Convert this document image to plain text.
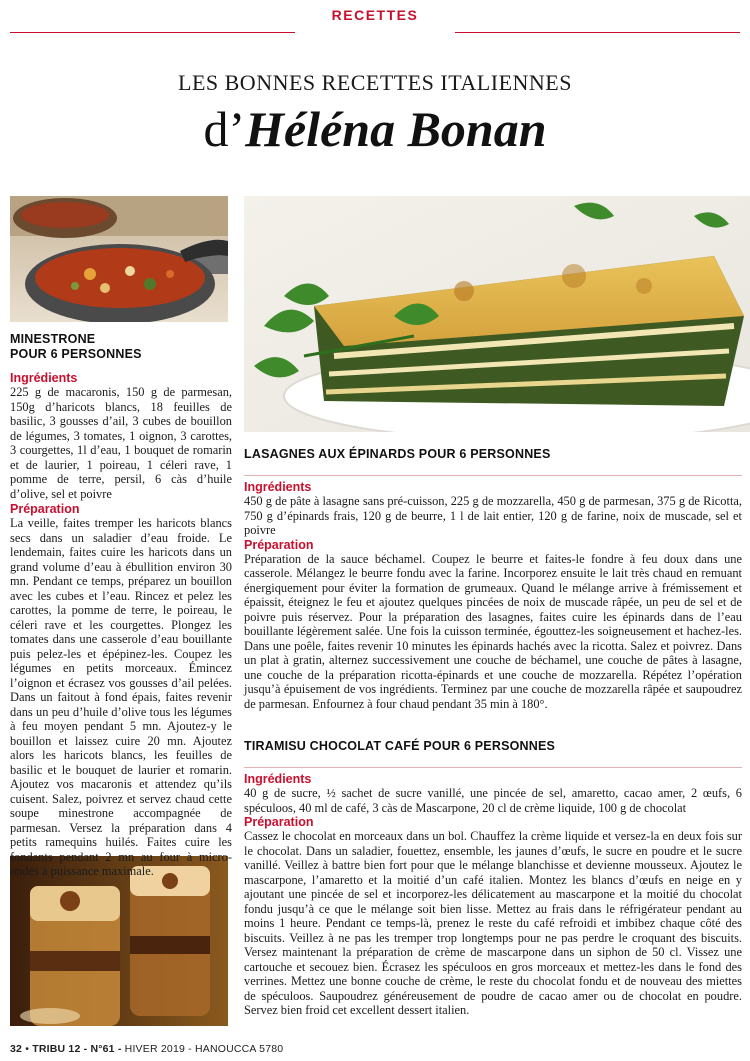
RECETTES
LES BONNES RECETTES ITALIENNES
d’Héléna Bonan
MINESTRONE
POUR 6 PERSONNES
Ingrédients

225 g de macaronis, 150 g de parmesan, 150g d’haricots blancs, 18 feuilles de basilic, 3 gousses d’ail, 3 cubes de bouillon de légumes, 3 tomates, 1 oignon, 3 carottes, 3 courgettes, 1l d’eau, 1 bouquet de romarin et de laurier, 1 poireau, 1 céleri rave, 1 pomme de terre, persil, 6 càs d’huile d’olive, sel et poivre

Préparation

La veille, faites tremper les haricots blancs secs dans un saladier d’eau froide. Le lendemain, faites cuire les haricots dans un grand volume d’eau à ébullition environ 30 mn. Pendant ce temps, préparez un bouillon avec les cubes et l’eau. Rincez et pelez les carottes, la pomme de terre, le poireau, le céleri rave et les courgettes. Plongez les tomates dans une casserole d’eau bouillante puis pelez-les et épépinez-les. Coupez les légumes en petits morceaux. Émincez l’oignon et écrasez vos gousses d’ail pelées. Dans un faitout à fond épais, faites revenir dans un peu d’huile d’olive tous les légumes à feu moyen pendant 5 mn. Ajoutez-y le bouillon et laissez cuire 20 mn. Ajoutez alors les haricots blancs, les feuilles de basilic et le bouquet de laurier et romarin. Ajoutez vos macaronis et attendez qu’ils cuisent. Salez, poivrez et servez chaud cette soupe minestrone accompagnée de parmesan. Versez la préparation dans 4 petits ramequins huilés. Faites cuire les fondants pendant 2 mn au four à micro-ondes à puissance maximale.

LASAGNES AUX ÉPINARDS POUR 6 PERSONNES
Ingrédients

450 g de pâte à lasagne sans pré-cuisson, 225 g de mozzarella, 450 g de parmesan, 375 g de Ricotta, 750 g d’épinards frais, 120 g de beurre, 1 l de lait entier, 120 g de farine, noix de muscade, sel et poivre

Préparation

Préparation de la sauce béchamel. Coupez le beurre et faites-le fondre à feu doux dans une casserole. Mélangez le beurre fondu avec la farine. Incorporez ensuite le lait très chaud en remuant énergiquement pour éviter la formation de grumeaux. Quand le mélange arrive à frémissement et épaissit, éteignez le feu et ajoutez quelques pincées de noix de muscade râpée, un peu de sel et de poivre puis réservez. Pour la préparation des lasagnes, faites cuire les épinards dans de l’eau bouillante légèrement salée. Une fois la cuisson terminée, égouttez-les soigneusement et hachez-les. Dans une poêle, faites revenir 10 minutes les épinards hachés avec la ricotta. Salez et poivrez. Dans un plat à gratin, alternez successivement une couche de béchamel, une couche de pâtes à lasagne, une couche de la préparation ricotta-épinards et une couche de mozzarella. Répétez l’opération jusqu’à épuisement de vos ingrédients. Terminez par une couche de mozzarella râpée et saupoudrez de parmesan. Enfournez à four chaud pendant 35 min à 180°.

TIRAMISU CHOCOLAT CAFÉ POUR 6 PERSONNES
Ingrédients

40 g de sucre, ½ sachet de sucre vanillé, une pincée de sel, amaretto, cacao amer, 2 œufs, 6 spéculoos, 40 ml de café, 3 càs de Mascarpone, 20 cl de crème liquide, 100 g de chocolat

Préparation

Cassez le chocolat en morceaux dans un bol. Chauffez la crème liquide et versez-la en deux fois sur le chocolat. Dans un saladier, fouettez, ensemble, les jaunes d’œufs, le sucre en poudre et le sucre vanillé. Veillez à battre bien fort pour que le mélange blanchisse et devienne mousseux. Ajoutez le mascarpone, l’amaretto et la moitié d’un café italien. Montez les blancs d’œufs en neige en y ajoutant une pincée de sel et incorporez-les délicatement au mascarpone et la moitié du chocolat fondu jusqu’à ce que le mélange soit bien lisse. Mettez au frais dans le réfrigérateur pendant au moins 1 heure. Pendant ce temps-là, prenez le reste du café refroidi et imbibez chaque côté des biscuits. Veillez à ne pas les tremper trop longtemps pour ne pas perdre le croquant des biscuits. Versez maintenant la préparation de crème de mascarpone dans un siphon de 50 cl. Vissez une cartouche et secouez bien. Écrasez les spéculoos en gros morceaux et mettez-les dans le fond des verrines. Mettez une bonne couche de crème, le reste du chocolat fondu et de nouveau des miettes de spéculoos. Saupoudrez généreusement de poudre de cacao amer ou de chocolat en poudre. Servez bien froid cet excellent dessert italien.

32 • TRIBU 12 - N°61 - HIVER 2019 - HANOUCCA 5780
